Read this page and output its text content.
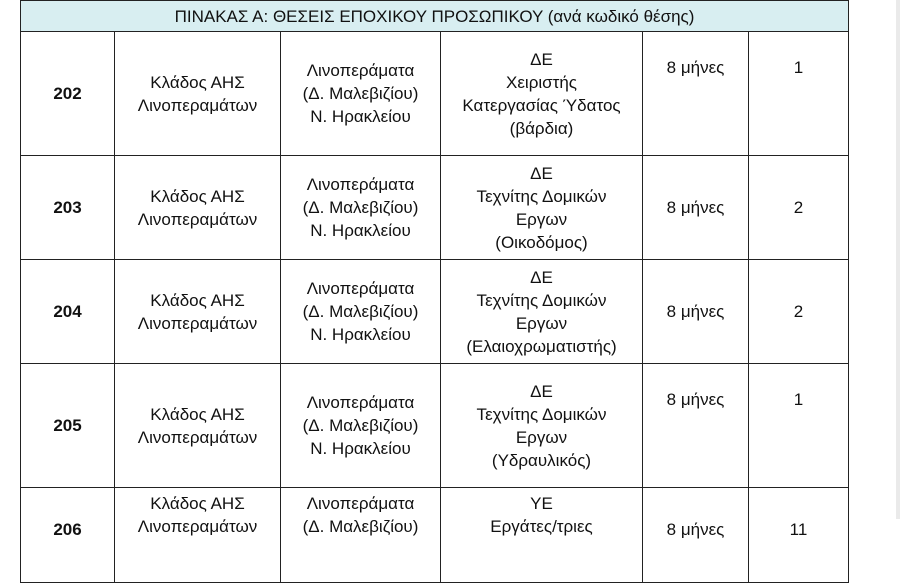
ΠΙΝΑΚΑΣ Α: ΘΕΣΕΙΣ ΕΠΟΧΙΚΟΥ ΠΡΟΣΩΠΙΚΟΥ (ανά κωδικό θέσης)					
202	Κλάδος ΑΗΣ
Λινοπεραμάτων	Λινοπεράματα
(Δ. Μαλεβιζίου)
Ν. Ηρακλείου	ΔΕ
Χειριστής
Κατεργασίας Ύδατος
(βάρδια)	8 μήνες	1
203	Κλάδος ΑΗΣ
Λινοπεραμάτων	Λινοπεράματα
(Δ. Μαλεβιζίου)
Ν. Ηρακλείου	ΔΕ
Τεχνίτης Δομικών
Εργων
(Οικοδόμος)	8 μήνες	2
204	Κλάδος ΑΗΣ
Λινοπεραμάτων	Λινοπεράματα
(Δ. Μαλεβιζίου)
Ν. Ηρακλείου	ΔΕ
Τεχνίτης Δομικών
Εργων
(Ελαιοχρωματιστής)	8 μήνες	2
205	Κλάδος ΑΗΣ
Λινοπεραμάτων	Λινοπεράματα
(Δ. Μαλεβιζίου)
Ν. Ηρακλείου	ΔΕ
Τεχνίτης Δομικών
Εργων
(Υδραυλικός)	8 μήνες	1
206	Κλάδος ΑΗΣ
Λινοπεραμάτων	Λινοπεράματα
(Δ. Μαλεβιζίου)	ΥΕ
Εργάτες/τριες	8 μήνες	11
